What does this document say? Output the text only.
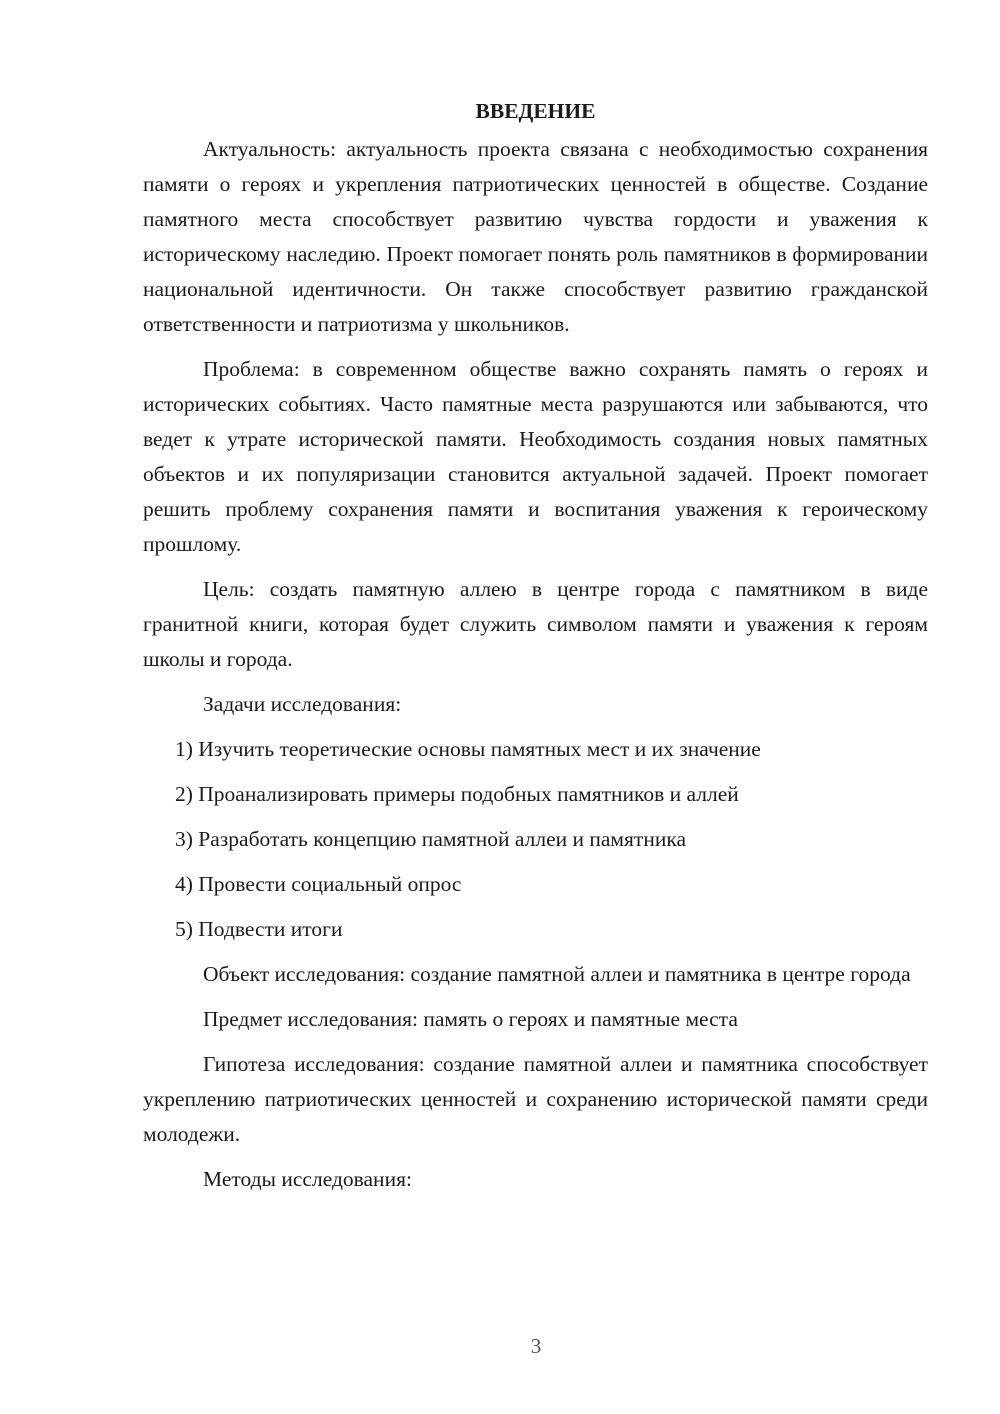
ВВЕДЕНИЕ

Актуальность: актуальность проекта связана с необходимостью сохранения памяти о героях и укрепления патриотических ценностей в обществе. Создание памятного места способствует развитию чувства гордости и уважения к историческому наследию. Проект помогает понять роль памятников в формировании национальной идентичности. Он также способствует развитию гражданской ответственности и патриотизма у школьников.

Проблема: в современном обществе важно сохранять память о героях и исторических событиях. Часто памятные места разрушаются или забываются, что ведет к утрате исторической памяти. Необходимость создания новых памятных объектов и их популяризации становится актуальной задачей. Проект помогает решить проблему сохранения памяти и воспитания уважения к героическому прошлому.

Цель: создать памятную аллею в центре города с памятником в виде гранитной книги, которая будет служить символом памяти и уважения к героям школы и города.

Задачи исследования:

1) Изучить теоретические основы памятных мест и их значение
2) Проанализировать примеры подобных памятников и аллей
3) Разработать концепцию памятной аллеи и памятника
4) Провести социальный опрос
5) Подвести итоги

Объект исследования: создание памятной аллеи и памятника в центре города

Предмет исследования: память о героях и памятные места

Гипотеза исследования: создание памятной аллеи и памятника способствует укреплению патриотических ценностей и сохранению исторической памяти среди молодежи.

Методы исследования:

3
